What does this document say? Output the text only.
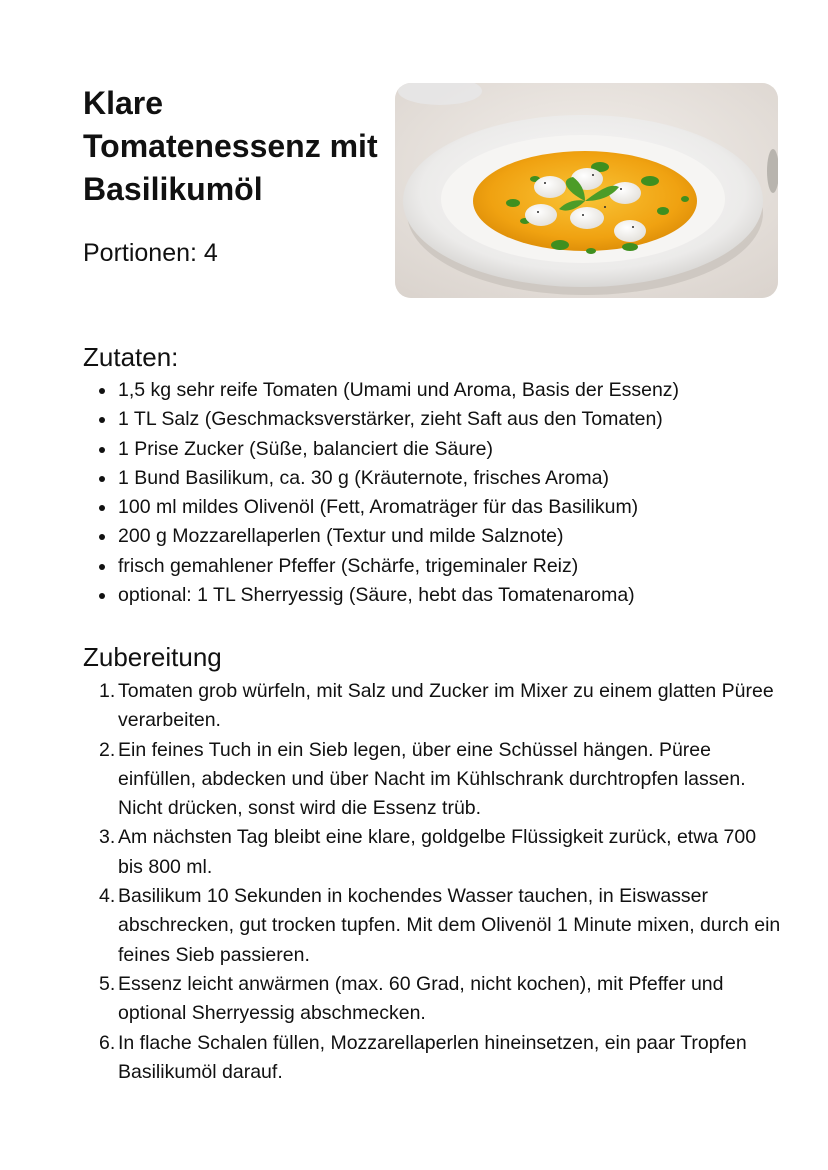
Klare Tomatenessenz mit Basilikumöl

Portionen: 4

Zutaten:
1,5 kg sehr reife Tomaten (Umami und Aroma, Basis der Essenz)
1 TL Salz (Geschmacksverstärker, zieht Saft aus den Tomaten)
1 Prise Zucker (Süße, balanciert die Säure)
1 Bund Basilikum, ca. 30 g (Kräuternote, frisches Aroma)
100 ml mildes Olivenöl (Fett, Aromaträger für das Basilikum)
200 g Mozzarellaperlen (Textur und milde Salznote)
frisch gemahlener Pfeffer (Schärfe, trigeminaler Reiz)
optional: 1 TL Sherryessig (Säure, hebt das Tomatenaroma)
Zubereitung
Tomaten grob würfeln, mit Salz und Zucker im Mixer zu einem glatten Püree verarbeiten.
Ein feines Tuch in ein Sieb legen, über eine Schüssel hängen. Püree einfüllen, abdecken und über Nacht im Kühlschrank durchtropfen lassen. Nicht drücken, sonst wird die Essenz trüb.
Am nächsten Tag bleibt eine klare, goldgelbe Flüssigkeit zurück, etwa 700 bis 800 ml.
Basilikum 10 Sekunden in kochendes Wasser tauchen, in Eiswasser abschrecken, gut trocken tupfen. Mit dem Olivenöl 1 Minute mixen, durch ein feines Sieb passieren.
Essenz leicht anwärmen (max. 60 Grad, nicht kochen), mit Pfeffer und optional Sherryessig abschmecken.
In flache Schalen füllen, Mozzarellaperlen hineinsetzen, ein paar Tropfen Basilikumöl darauf.
